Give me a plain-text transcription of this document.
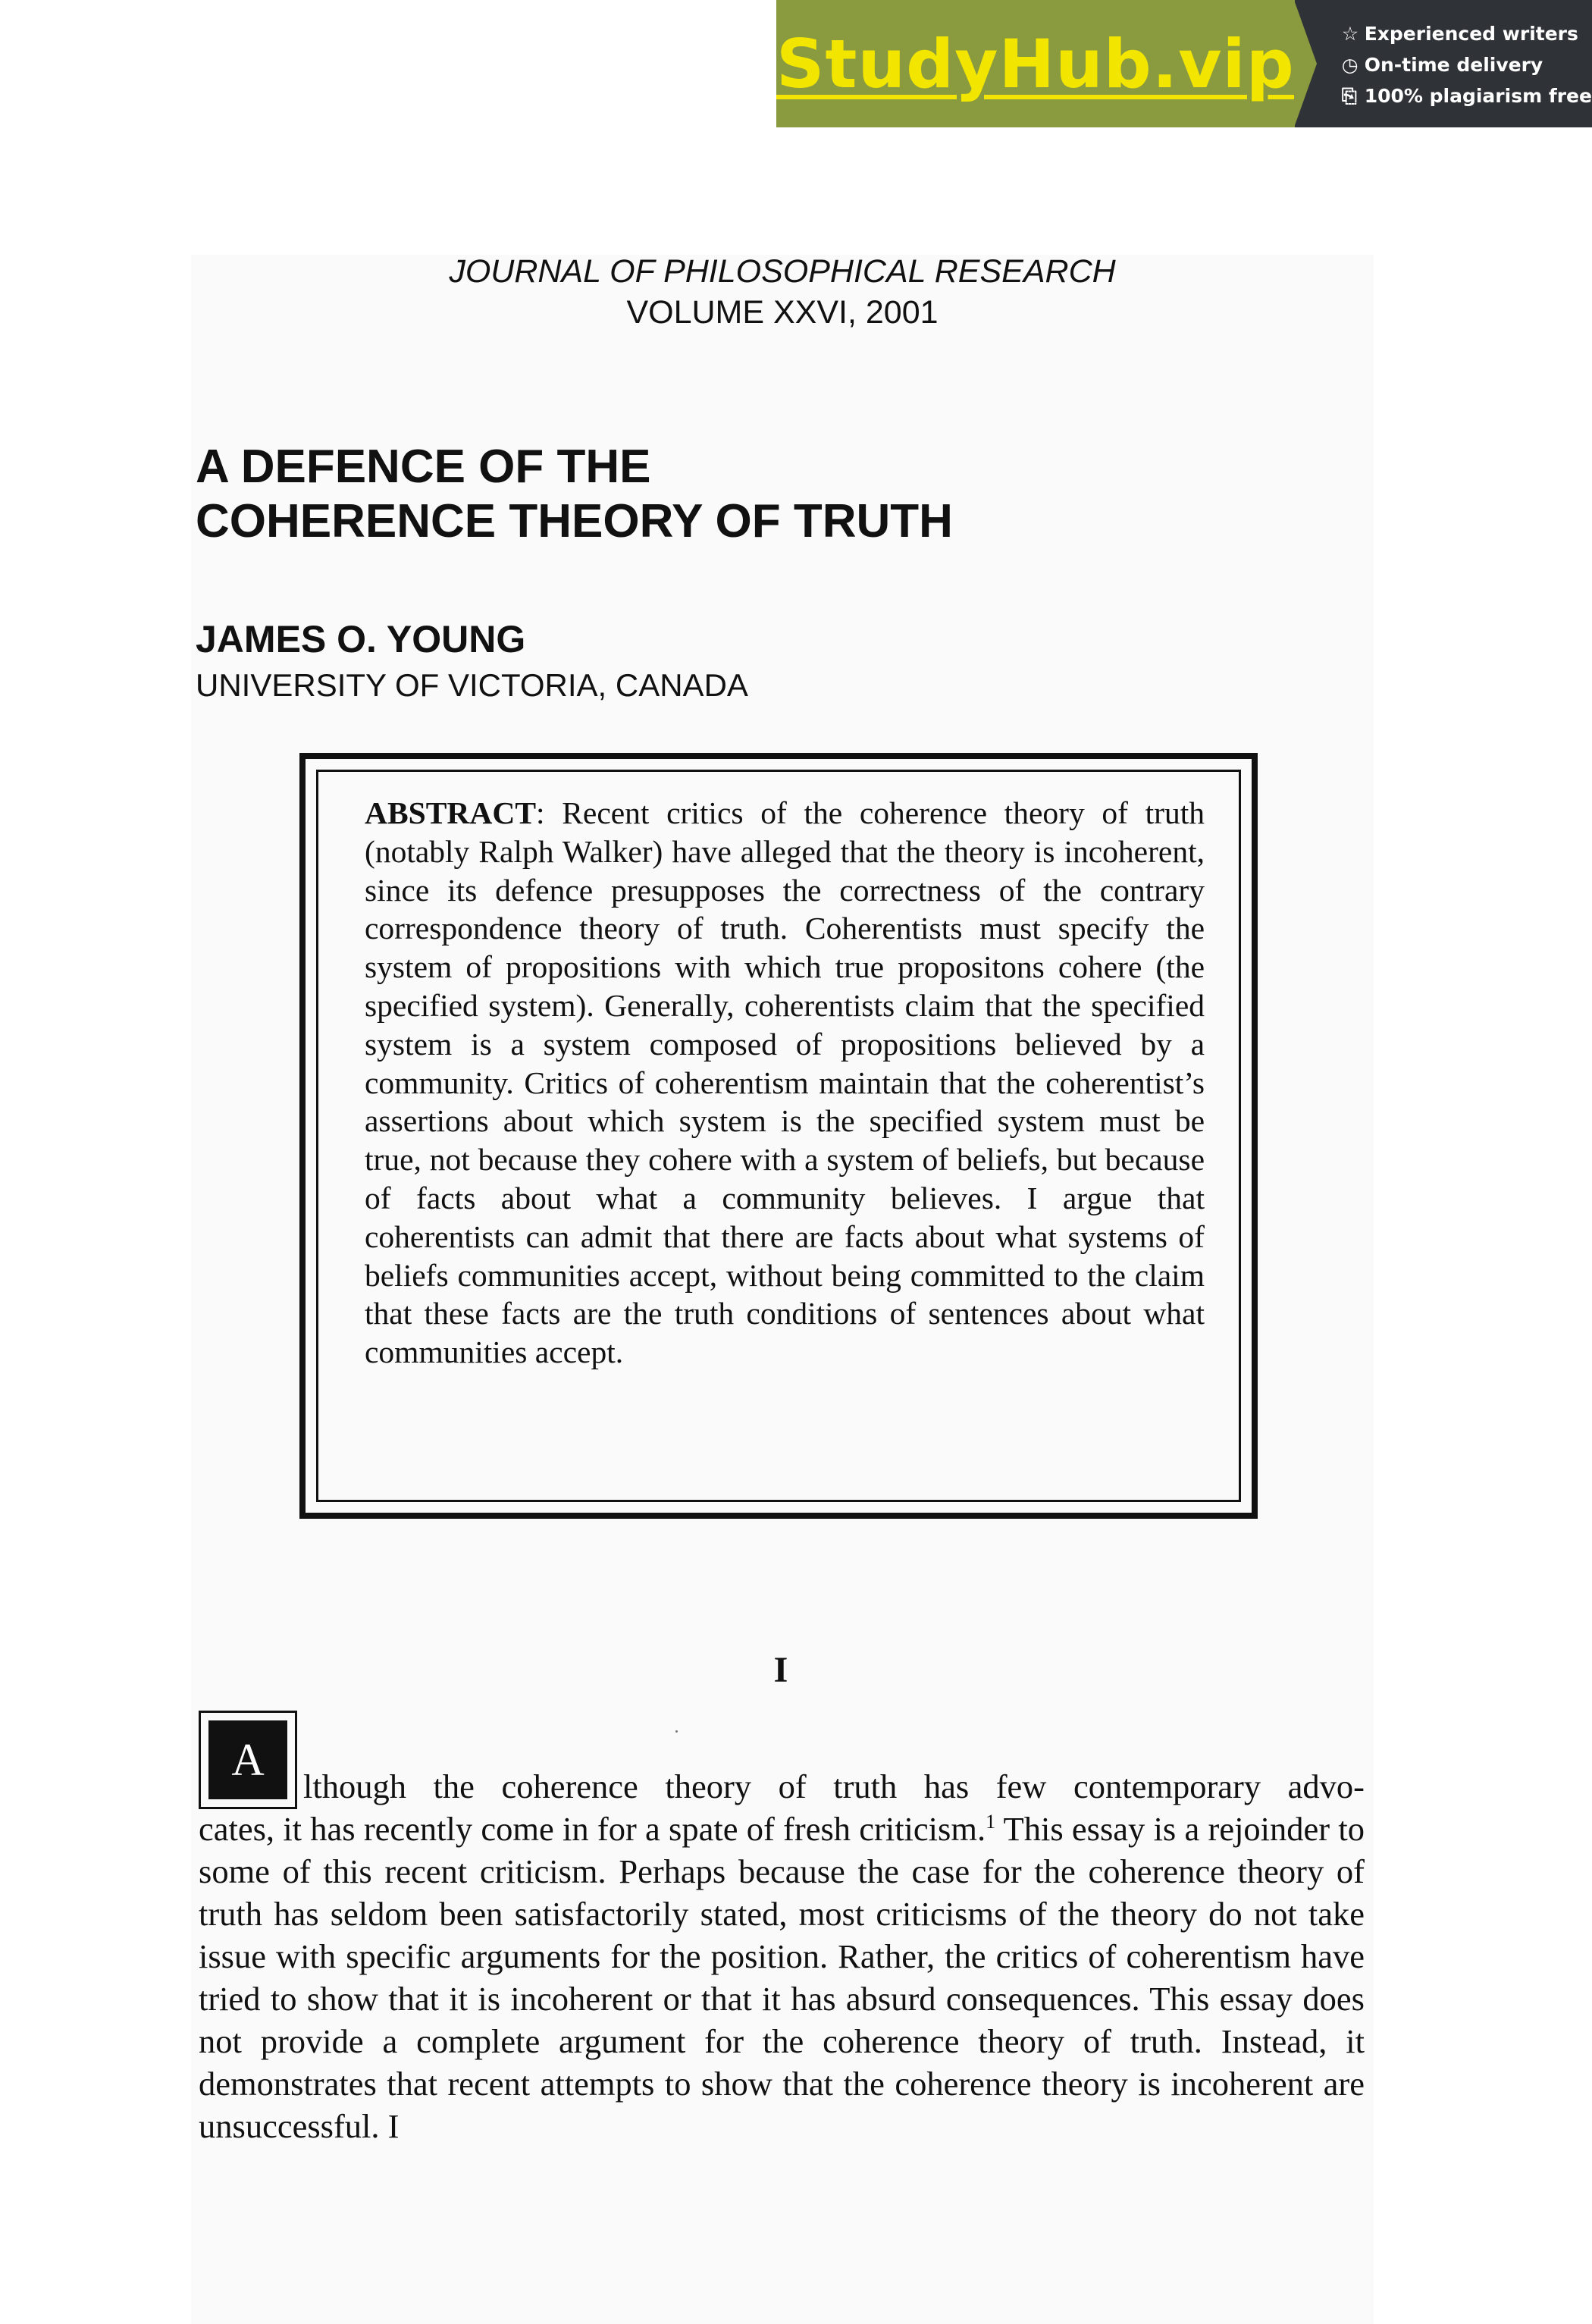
StudyHub.vip ☆ Experienced writers
◷ On-time delivery
⎘ 100% plagiarism free
JOURNAL OF PHILOSOPHICAL RESEARCH
VOLUME XXVI, 2001
A DEFENCE OF THE
COHERENCE THEORY OF TRUTH
JAMES O. YOUNG
UNIVERSITY OF VICTORIA, CANADA

ABSTRACT: Recent critics of the coherence theory of truth (notably Ralph Walker) have alleged that the theory is incoherent, since its defence presupposes the correctness of the contrary correspondence theory of truth. Coherentists must specify the system of propositions with which true propositons cohere (the specified system). Generally, coherentists claim that the specified system is a system composed of propositions believed by a community. Critics of coherentism maintain that the coherentist’s assertions about which system is the specified system must be true, not because they cohere with a system of beliefs, but because of facts about what a community believes. I argue that coherentists can admit that there are facts about what systems of beliefs communities accept, without being committed to the claim that these facts are the truth conditions of sentences about what communities accept.

I
A

lthough the coherence theory of truth has few contemporary advo-

cates, it has recently come in for a spate of fresh criticism.$^1$ This essay is a rejoinder to some of this recent criticism. Perhaps because the case for the coherence theory of truth has seldom been satisfactorily stated, most criticisms of the theory do not take issue with specific arguments for the position. Rather, the critics of coherentism have tried to show that it is incoherent or that it has absurd consequences. This essay does not provide a complete argument for the coherence theory of truth. Instead, it demonstrates that recent attempts to show that the coherence theory is incoherent are unsuccessful. I
